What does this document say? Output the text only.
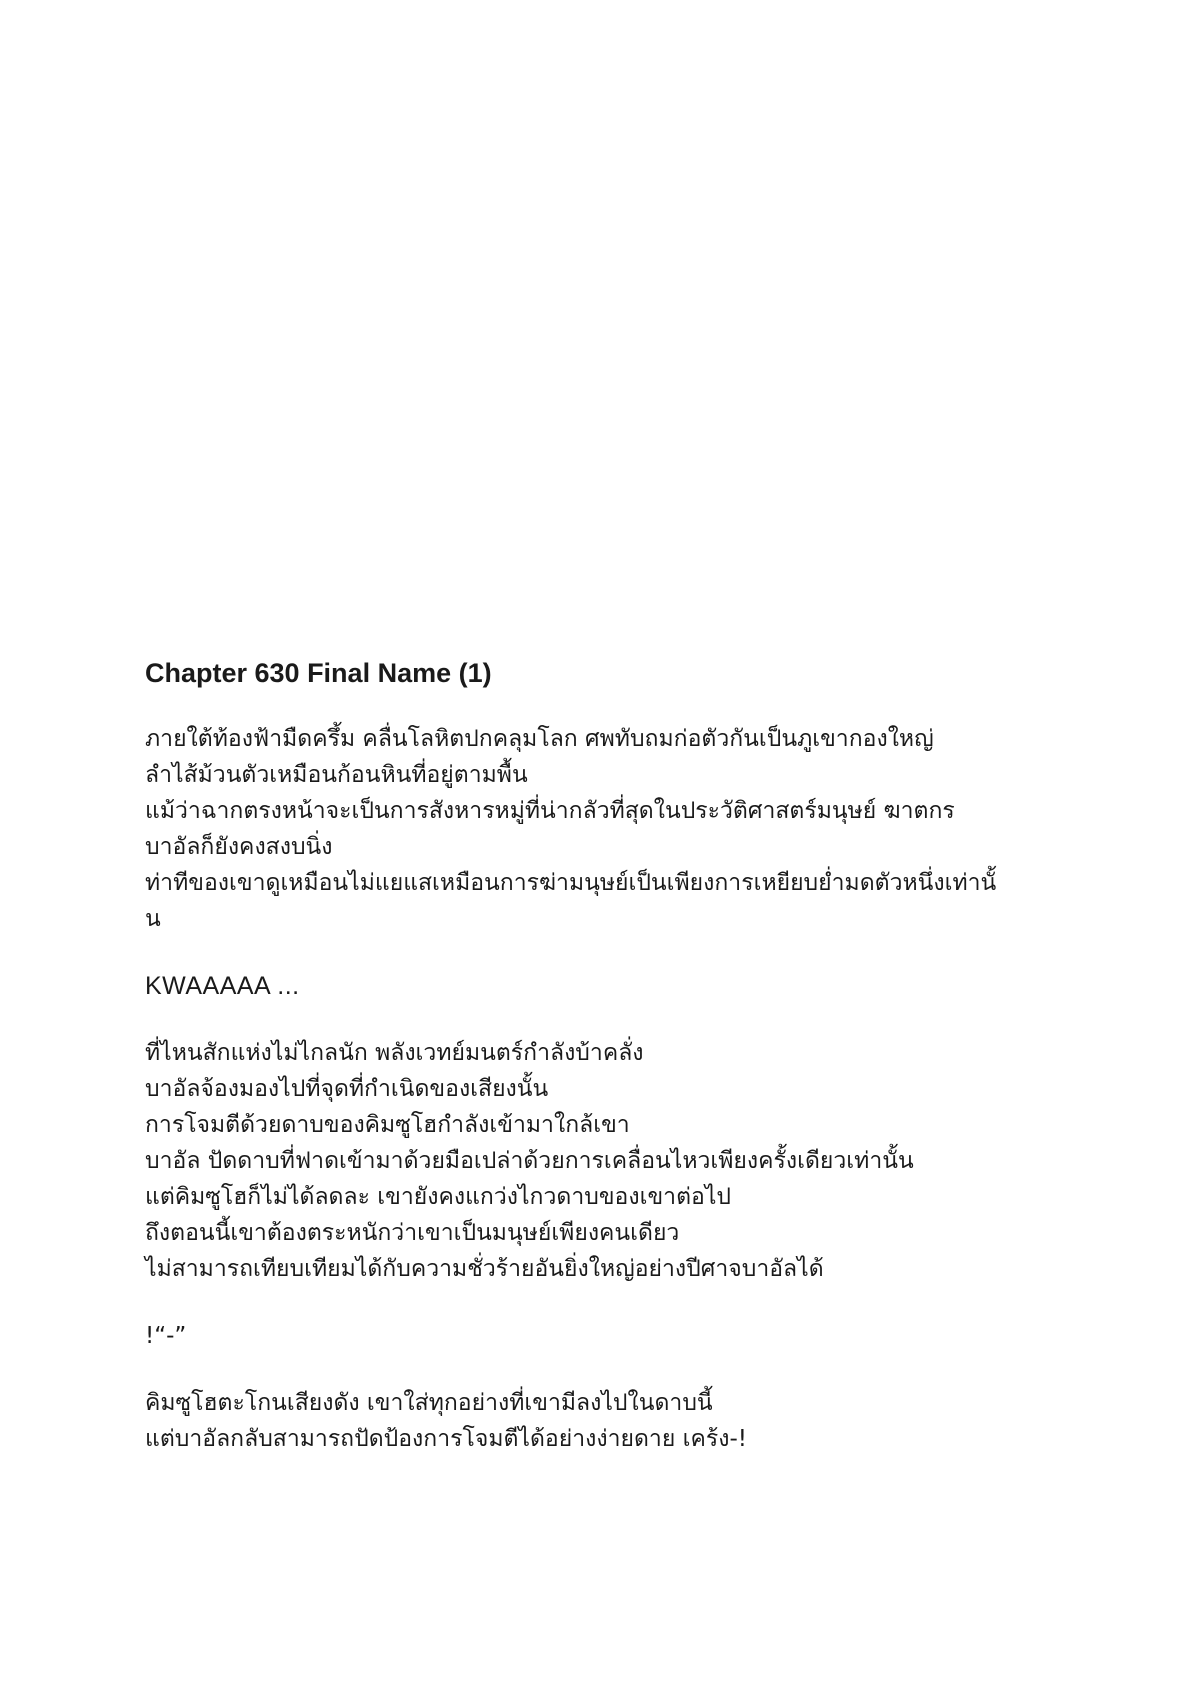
Chapter 630 Final Name (1)
ภายใต้ท้องฟ้ามืดครึ้ม คลื่นโลหิตปกคลุมโลก ศพทับถมก่อตัวกันเป็นภูเขากองใหญ่
ลำไส้ม้วนตัวเหมือนก้อนหินที่อยู่ตามพื้น
แม้ว่าฉากตรงหน้าจะเป็นการสังหารหมู่ที่น่ากลัวที่สุดในประวัติศาสตร์มนุษย์ ฆาตกร
บาอัลก็ยังคงสงบนิ่ง
ท่าทีของเขาดูเหมือนไม่แยแสเหมือนการฆ่ามนุษย์เป็นเพียงการเหยียบย่ำมดตัวหนึ่งเท่านั้
น
KWAAAAA ...
ที่ไหนสักแห่งไม่ไกลนัก พลังเวทย์มนตร์กำลังบ้าคลั่ง
บาอัลจ้องมองไปที่จุดที่กำเนิดของเสียงนั้น
การโจมตีด้วยดาบของคิมซูโฮกำลังเข้ามาใกล้เขา
บาอัล ปัดดาบที่ฟาดเข้ามาด้วยมือเปล่าด้วยการเคลื่อนไหวเพียงครั้งเดียวเท่านั้น
แต่คิมซูโฮก็ไม่ได้ลดละ เขายังคงแกว่งไกวดาบของเขาต่อไป
ถึงตอนนี้เขาต้องตระหนักว่าเขาเป็นมนุษย์เพียงคนเดียว
ไม่สามารถเทียบเทียมได้กับความชั่วร้ายอันยิ่งใหญ่อย่างปีศาจบาอัลได้
!“-”
คิมซูโฮตะโกนเสียงดัง เขาใส่ทุกอย่างที่เขามีลงไปในดาบนี้
แต่บาอัลกลับสามารถปัดป้องการโจมตีได้อย่างง่ายดาย เคร้ง-!
